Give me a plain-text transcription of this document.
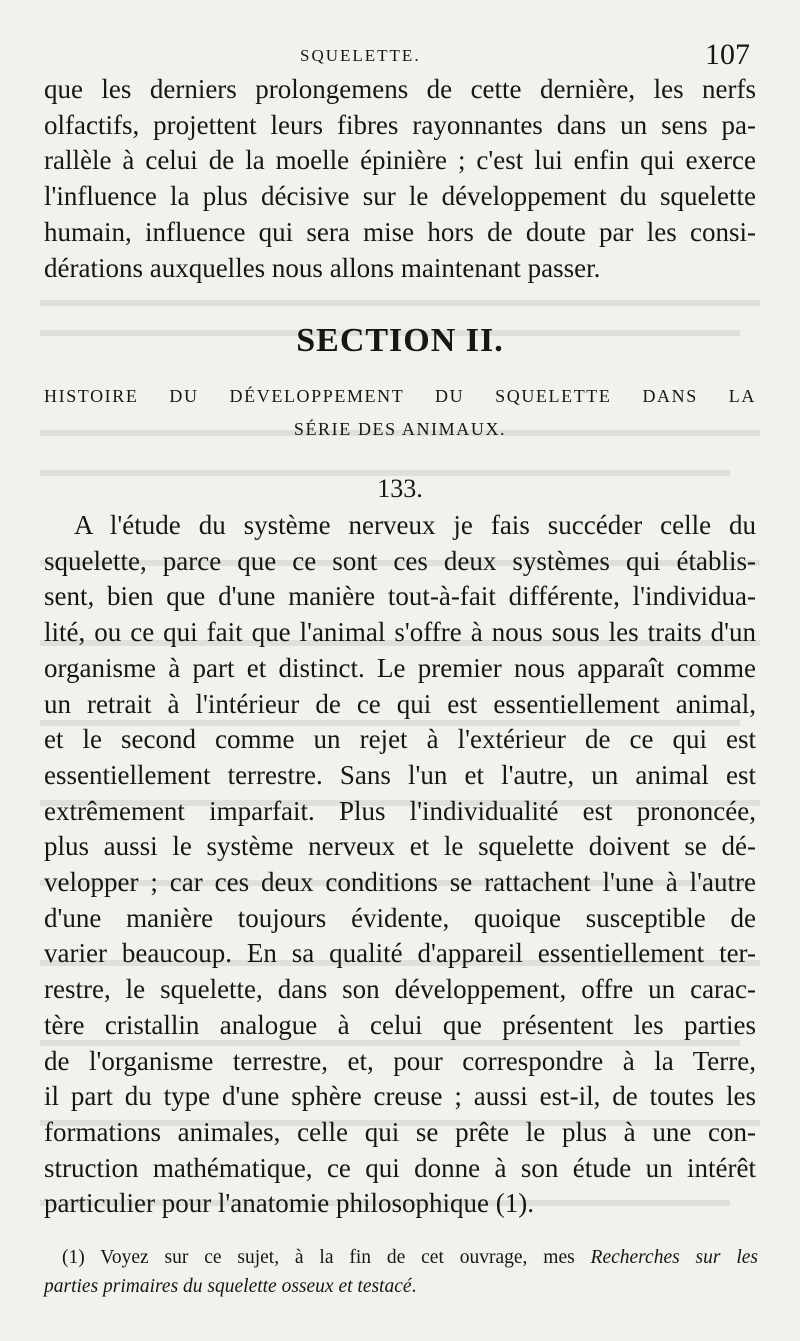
SQUELETTE.	107
que les derniers prolongemens de cette dernière, les nerfs
olfactifs, projettent leurs fibres rayonnantes dans un sens pa-
rallèle à celui de la moelle épinière ; c'est lui enfin qui exerce
l'influence la plus décisive sur le développement du squelette
humain, influence qui sera mise hors de doute par les consi-
dérations auxquelles nous allons maintenant passer.
SECTION II.
HISTOIRE DU DÉVELOPPEMENT DU SQUELETTE DANS LA
SÉRIE DES ANIMAUX.
133.
A l'étude du système nerveux je fais succéder celle du
squelette, parce que ce sont ces deux systèmes qui établis-
sent, bien que d'une manière tout-à-fait différente, l'individua-
lité, ou ce qui fait que l'animal s'offre à nous sous les traits d'un
organisme à part et distinct. Le premier nous apparaît comme
un retrait à l'intérieur de ce qui est essentiellement animal,
et le second comme un rejet à l'extérieur de ce qui est
essentiellement terrestre. Sans l'un et l'autre, un animal est
extrêmement imparfait. Plus l'individualité est prononcée,
plus aussi le système nerveux et le squelette doivent se dé-
velopper ; car ces deux conditions se rattachent l'une à l'autre
d'une manière toujours évidente, quoique susceptible de
varier beaucoup. En sa qualité d'appareil essentiellement ter-
restre, le squelette, dans son développement, offre un carac-
tère cristallin analogue à celui que présentent les parties
de l'organisme terrestre, et, pour correspondre à la Terre,
il part du type d'une sphère creuse ; aussi est-il, de toutes les
formations animales, celle qui se prête le plus à une con-
struction mathématique, ce qui donne à son étude un intérêt
particulier pour l'anatomie philosophique (1).
(1) Voyez sur ce sujet, à la fin de cet ouvrage, mes Recherches sur les
parties primaires du squelette osseux et testacé.
